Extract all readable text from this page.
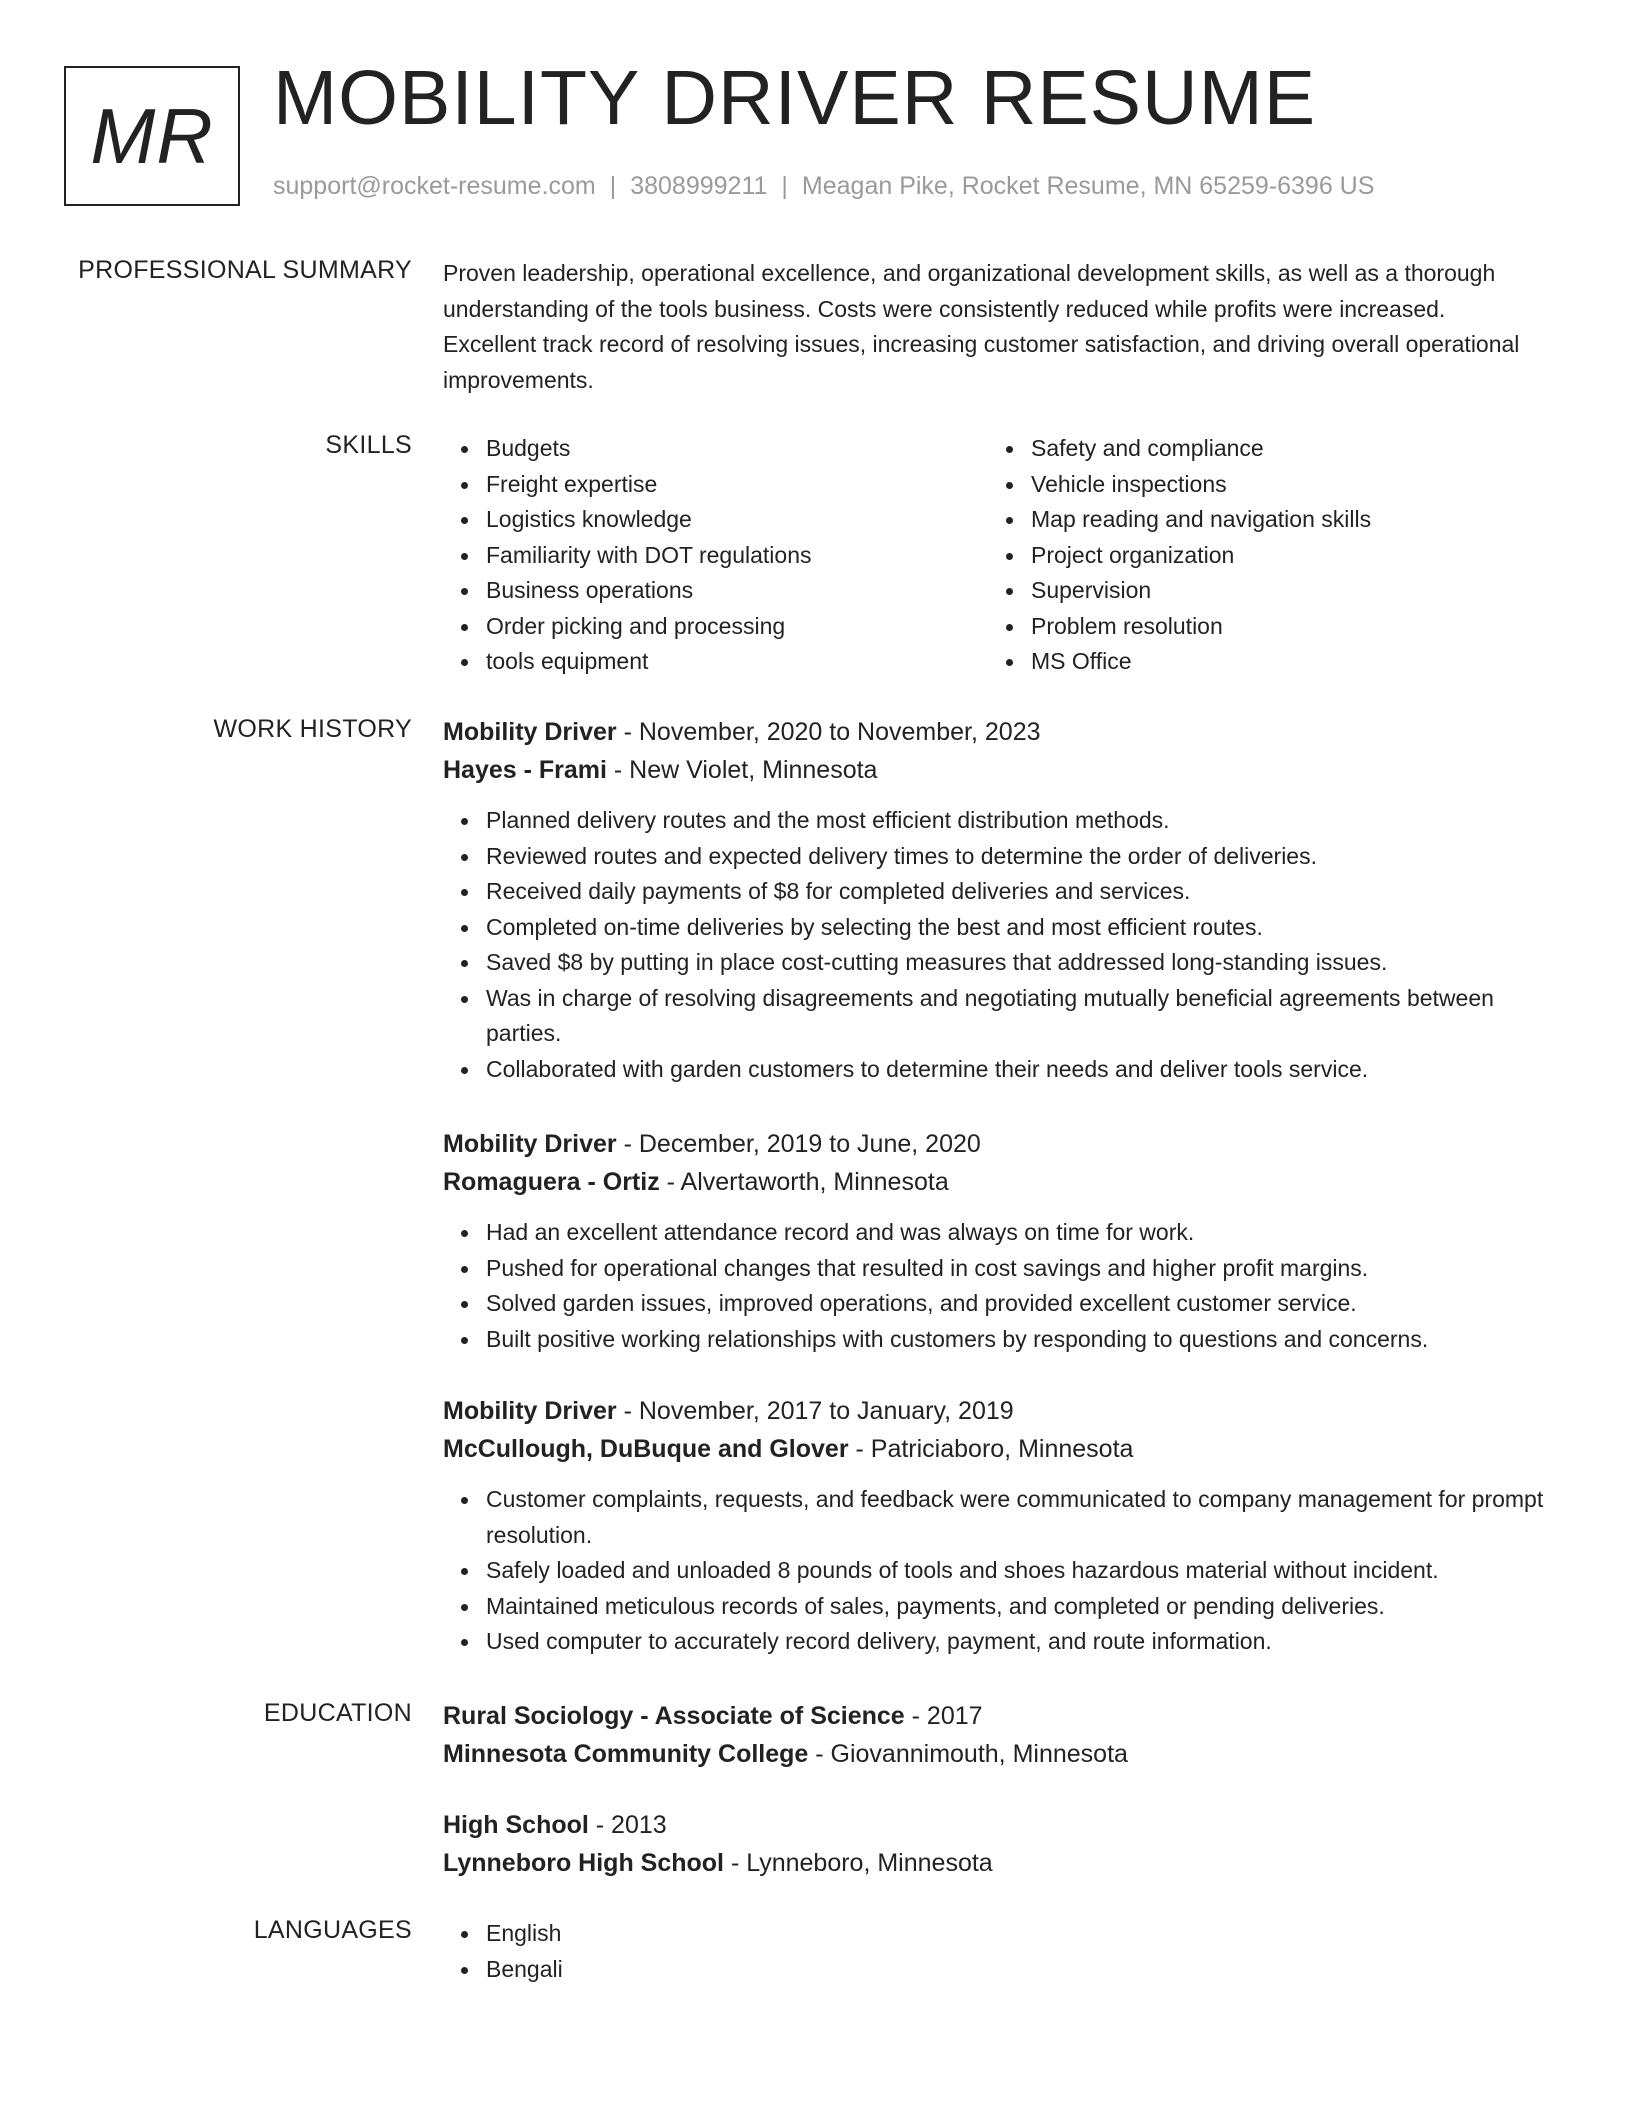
MR MOBILITY DRIVER RESUME
support@rocket-resume.com | 3808999211 | Meagan Pike, Rocket Resume, MN 65259-6396 US
PROFESSIONAL SUMMARY Proven leadership, operational excellence, and organizational development skills, as well as a thorough understanding of the tools business. Costs were consistently reduced while profits were increased. Excellent track record of resolving issues, increasing customer satisfaction, and driving overall operational improvements.

SKILLS	Budgets
Freight expertise
Logistics knowledge
Familiarity with DOT regulations
Business operations
Order picking and processing
tools equipment
Safety and compliance
Vehicle inspections
Map reading and navigation skills
Project organization
Supervision
Problem resolution
MS Office
WORK HISTORY Mobility Driver - November, 2020 to November, 2023
Hayes - Frami - New Violet, Minnesota
Planned delivery routes and the most efficient distribution methods.
Reviewed routes and expected delivery times to determine the order of deliveries.
Received daily payments of $8 for completed deliveries and services.
Completed on-time deliveries by selecting the best and most efficient routes.
Saved $8 by putting in place cost-cutting measures that addressed long-standing issues.
Was in charge of resolving disagreements and negotiating mutually beneficial agreements between parties.
Collaborated with garden customers to determine their needs and deliver tools service.
Mobility Driver - December, 2019 to June, 2020
Romaguera - Ortiz - Alvertaworth, Minnesota
Had an excellent attendance record and was always on time for work.
Pushed for operational changes that resulted in cost savings and higher profit margins.
Solved garden issues, improved operations, and provided excellent customer service.
Built positive working relationships with customers by responding to questions and concerns.
Mobility Driver - November, 2017 to January, 2019
McCullough, DuBuque and Glover - Patriciaboro, Minnesota
Customer complaints, requests, and feedback were communicated to company management for prompt resolution.
Safely loaded and unloaded 8 pounds of tools and shoes hazardous material without incident.
Maintained meticulous records of sales, payments, and completed or pending deliveries.
Used computer to accurately record delivery, payment, and route information.
EDUCATION Rural Sociology - Associate of Science - 2017
Minnesota Community College - Giovannimouth, Minnesota
High School - 2013
Lynneboro High School - Lynneboro, Minnesota
LANGUAGES	English
Bengali
